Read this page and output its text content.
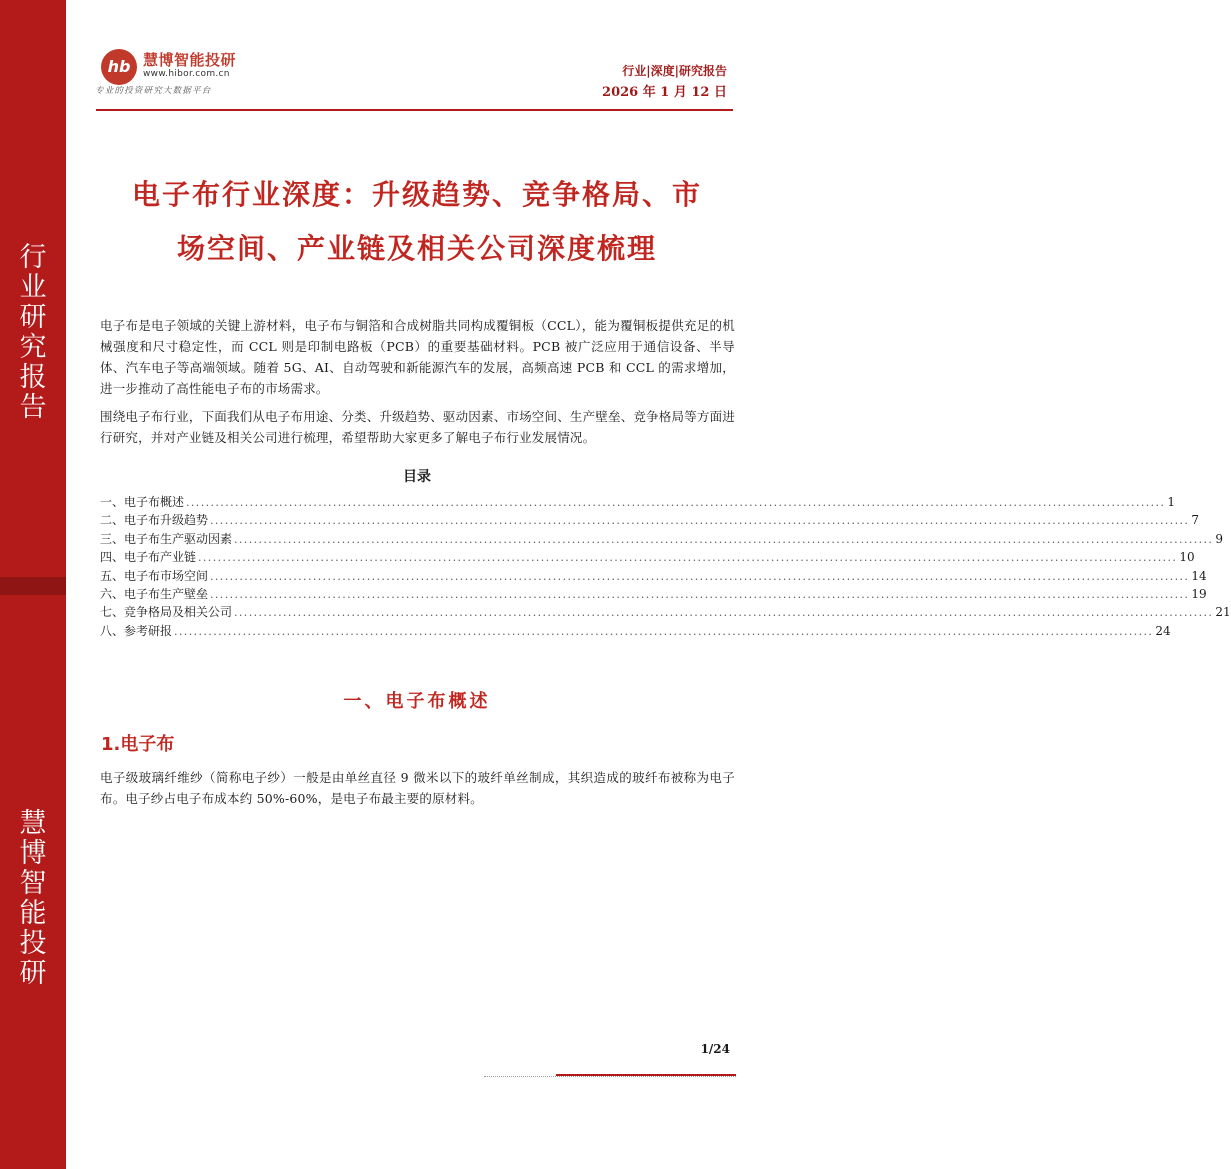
行
业
研
究
报
告
慧
博
智
能
投
研
hb 慧博智能投研
www.hibor.com.cn
专业的投资研究大数据平台
行业|深度|研究报告
2026 年 1 月 12 日
电子布行业深度：升级趋势、竞争格局、市
场空间、产业链及相关公司深度梳理

电子布是电子领域的关键上游材料，电子布与铜箔和合成树脂共同构成覆铜板（CCL），能为覆铜板提供充足的机械强度和尺寸稳定性，而 CCL 则是印制电路板（PCB）的重要基础材料。PCB 被广泛应用于通信设备、半导体、汽车电子等高端领域。随着 5G、AI、自动驾驶和新能源汽车的发展，高频高速 PCB 和 CCL 的需求增加，进一步推动了高性能电子布的市场需求。

围绕电子布行业，下面我们从电子布用途、分类、升级趋势、驱动因素、市场空间、生产壁垒、竞争格局等方面进行研究，并对产业链及相关公司进行梳理，希望帮助大家更多了解电子布行业发展情况。

目录
一、电子布概述 ........................................................................................................................................................................................................ 1
二、电子布升级趋势 ........................................................................................................................................................................................................ 7
三、电子布生产驱动因素 ........................................................................................................................................................................................................ 9
四、电子布产业链 ........................................................................................................................................................................................................ 10
五、电子布市场空间 ........................................................................................................................................................................................................ 14
六、电子布生产壁垒 ........................................................................................................................................................................................................ 19
七、竞争格局及相关公司 ........................................................................................................................................................................................................ 21
八、参考研报 ........................................................................................................................................................................................................ 24
一、电子布概述
1.电子布

电子级玻璃纤维纱（简称电子纱）一般是由单丝直径 9 微米以下的玻纤单丝制成，其织造成的玻纤布被称为电子布。电子纱占电子布成本约 50%-60%，是电子布最主要的原材料。

1/24
